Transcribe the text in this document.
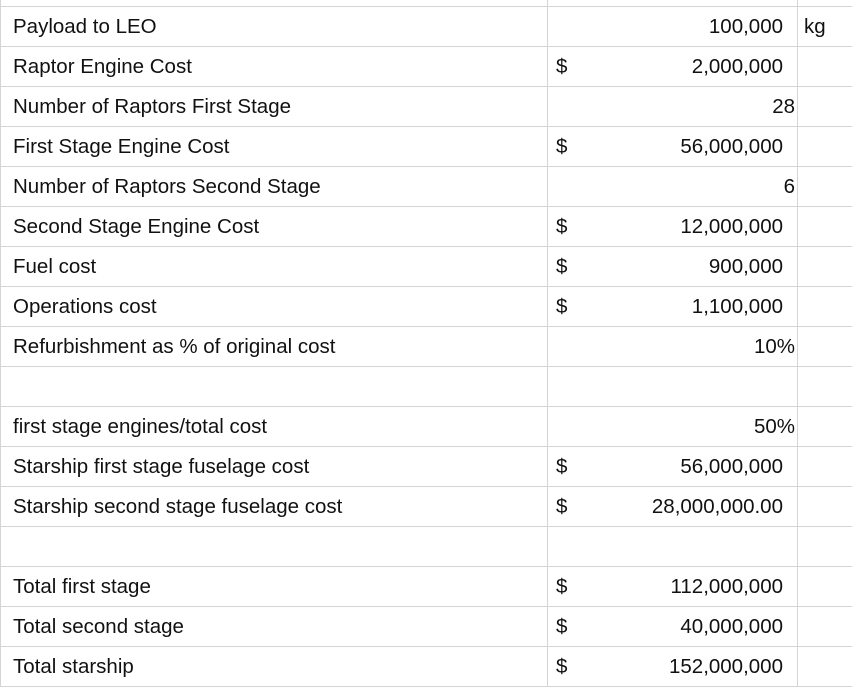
Payload to LEO	100,000 kg
Raptor Engine Cost	$	2,000,000
Number of Raptors First Stage	28
First Stage Engine Cost	$	56,000,000
Number of Raptors Second Stage	6
Second Stage Engine Cost	$	12,000,000
Fuel cost	$	900,000
Operations cost	$	1,100,000
Refurbishment as % of original cost	10%
first stage engines/total cost	50%
Starship first stage fuselage cost	$	56,000,000
Starship second stage fuselage cost	$	28,000,000.00
Total first stage	$	112,000,000
Total second stage	$	40,000,000
Total starship	$	152,000,000
